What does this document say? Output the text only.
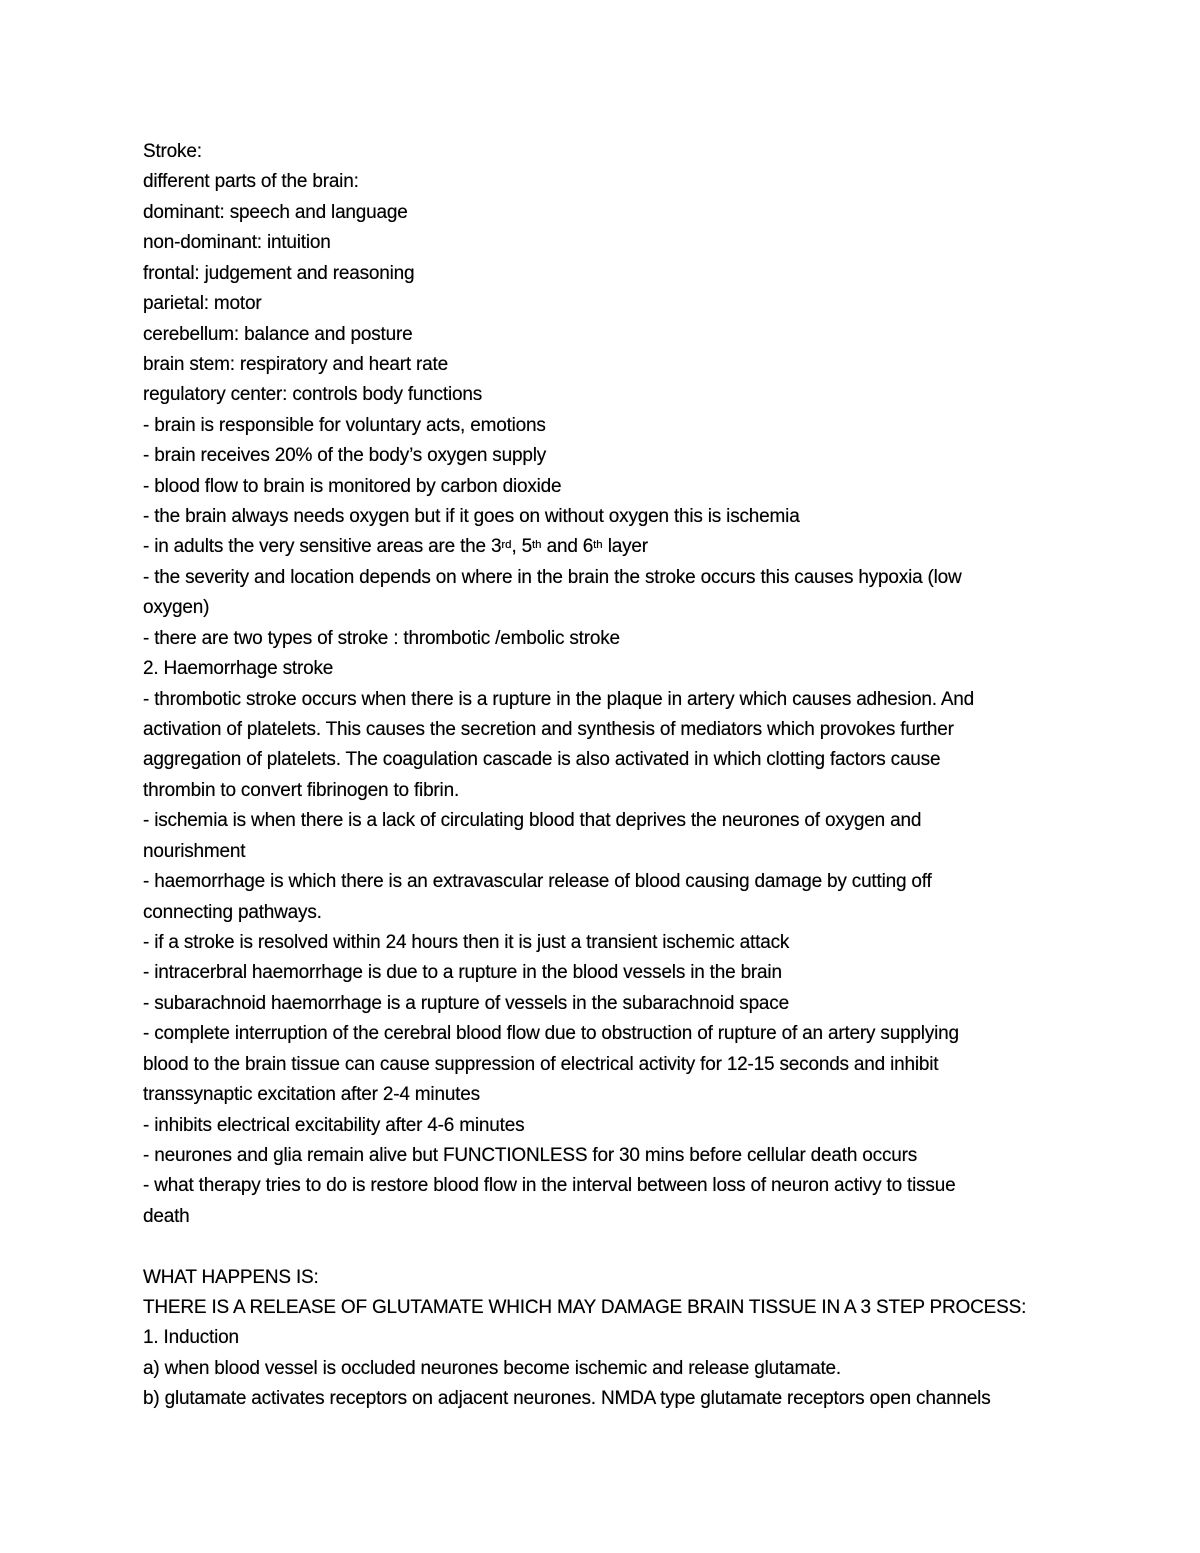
Stroke:
different parts of the brain:
dominant: speech and language
non-dominant: intuition
frontal: judgement and reasoning
parietal: motor
cerebellum: balance and posture
brain stem: respiratory and heart rate
regulatory center: controls body functions
- brain is responsible for voluntary acts, emotions
- brain receives 20% of the body’s oxygen supply
- blood flow to brain is monitored by carbon dioxide
- the brain always needs oxygen but if it goes on without oxygen this is ischemia
- in adults the very sensitive areas are the 3rd, 5th and 6th layer
- the severity and location depends on where in the brain the stroke occurs this causes hypoxia (low
oxygen)
- there are two types of stroke : thrombotic /embolic stroke
2. Haemorrhage stroke
- thrombotic stroke occurs when there is a rupture in the plaque in artery which causes adhesion. And
activation of platelets. This causes the secretion and synthesis of mediators which provokes further
aggregation of platelets. The coagulation cascade is also activated in which clotting factors cause
thrombin to convert fibrinogen to fibrin.
- ischemia is when there is a lack of circulating blood that deprives the neurones of oxygen and
nourishment
- haemorrhage is which there is an extravascular release of blood causing damage by cutting off
connecting pathways.
- if a stroke is resolved within 24 hours then it is just a transient ischemic attack
- intracerbral haemorrhage is due to a rupture in the blood vessels in the brain
- subarachnoid haemorrhage is a rupture of vessels in the subarachnoid space
- complete interruption of the cerebral blood flow due to obstruction of rupture of an artery supplying
blood to the brain tissue can cause suppression of electrical activity for 12-15 seconds and inhibit
transsynaptic excitation after 2-4 minutes
- inhibits electrical excitability after 4-6 minutes
- neurones and glia remain alive but FUNCTIONLESS for 30 mins before cellular death occurs
- what therapy tries to do is restore blood flow in the interval between loss of neuron activy to tissue
death

WHAT HAPPENS IS:
THERE IS A RELEASE OF GLUTAMATE WHICH MAY DAMAGE BRAIN TISSUE IN A 3 STEP PROCESS:
1. Induction
a) when blood vessel is occluded neurones become ischemic and release glutamate.
b) glutamate activates receptors on adjacent neurones. NMDA type glutamate receptors open channels
